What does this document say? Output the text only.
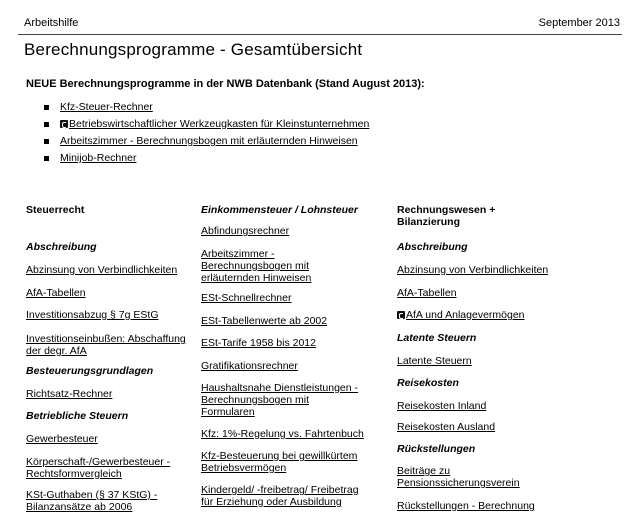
Arbeitshilfe	September 2013
Berechnungsprogramme - Gesamtübersicht
NEUE Berechnungsprogramme in der NWB Datenbank (Stand August 2013):
Kfz-Steuer-Rechner
Betriebswirtschaftlicher Werkzeugkasten für Kleinstunternehmen
Arbeitszimmer - Berechnungsbogen mit erläuternden Hinweisen
Minijob-Rechner
Steuerrecht
Abschreibung
Abzinsung von Verbindlichkeiten
AfA-Tabellen
Investitionsabzug § 7g EStG
Investitionseinbußen: Abschaffung
der degr. AfA
Besteuerungsgrundlagen
Richtsatz-Rechner
Betriebliche Steuern
Gewerbesteuer
Körperschaft-/Gewerbesteuer -
Rechtsformvergleich
KSt-Guthaben (§ 37 KStG) -
Bilanzansätze ab 2006
Einkommensteuer / Lohnsteuer
Abfindungsrechner
Arbeitszimmer -
Berechnungsbogen mit
erläuternden Hinweisen
ESt-Schnellrechner
ESt-Tabellenwerte ab 2002
ESt-Tarife 1958 bis 2012
Gratifikationsrechner
Haushaltsnahe Dienstleistungen -
Berechnungsbogen mit
Formularen
Kfz: 1%-Regelung vs. Fahrtenbuch
Kfz-Besteuerung bei gewillkürtem
Betriebsvermögen
Kindergeld/ -freibetrag/ Freibetrag
für Erziehung oder Ausbildung
Rechnungswesen +
Bilanzierung
Abschreibung
Abzinsung von Verbindlichkeiten
AfA-Tabellen
AfA und Anlagevermögen
Latente Steuern
Latente Steuern
Reisekosten
Reisekosten Inland
Reisekosten Ausland
Rückstellungen
Beiträge zu
Pensionssicherungsverein
Rückstellungen - Berechnung
